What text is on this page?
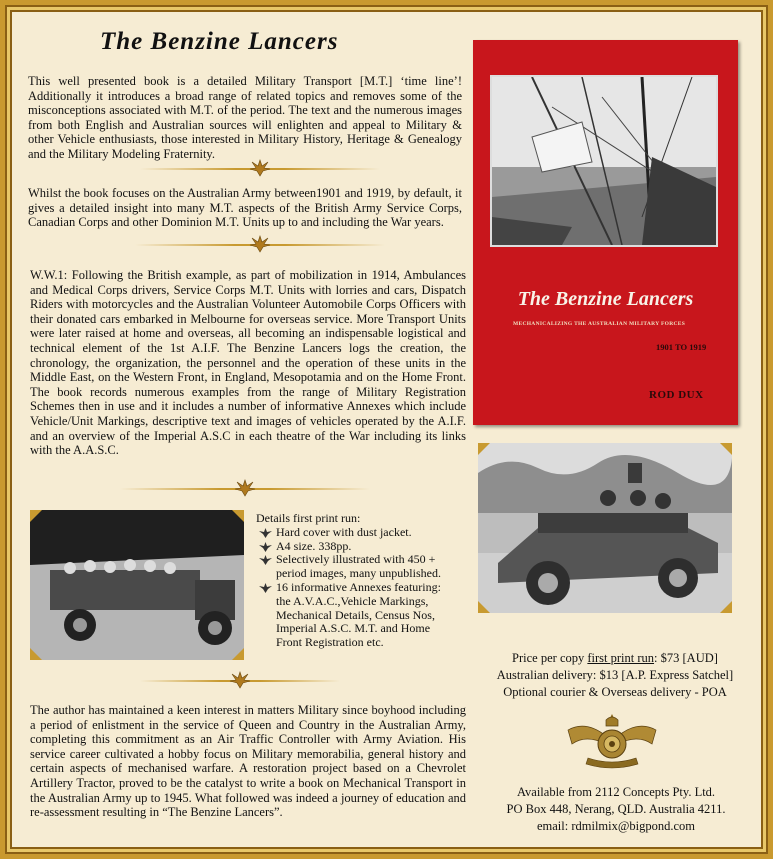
The Benzine Lancers
This well presented book is a detailed Military Transport [M.T.] ‘time line’! Additionally it introduces a broad range of related topics and removes some of the misconceptions associated with M.T. of the period. The text and the numerous images from both English and Australian sources will enlighten and appeal to Military & other Vehicle enthusiasts, those interested in Military History, Heritage & Genealogy and the Military Modeling Fraternity.
Whilst the book focuses on the Australian Army between1901 and 1919, by default, it gives a detailed insight into many M.T. aspects of the British Army Service Corps, Canadian Corps and other Dominion M.T. Units up to and including the War years.
W.W.1: Following the British example, as part of mobilization in 1914, Ambulances and Medical Corps drivers, Service Corps M.T. Units with lorries and cars, Dispatch Riders with motorcycles and the Australian Volunteer Automobile Corps Officers with their donated cars embarked in Melbourne for overseas service. More Transport Units were later raised at home and overseas, all becoming an indispensable logistical and technical element of the 1st A.I.F. The Benzine Lancers logs the creation, the chronology, the organization, the personnel and the operation of these units in the Middle East, on the Western Front, in England, Mesopotamia and on the Home Front. The book records numerous examples from the range of Military Registration Schemes then in use and it includes a number of informative Annexes which include Vehicle/Unit Markings, descriptive text and images of vehicles operated by the A.I.F. and an overview of the Imperial A.S.C in each theatre of the War including its links with the A.A.S.C.
The Benzine Lancers
MECHANICALIZING THE AUSTRALIAN MILITARY FORCES
1901 TO 1919
ROD DUX
Details first print run:
Hard cover with dust jacket.
A4 size. 338pp.
Selectively illustrated with 450 +
period images, many unpublished.
16 informative Annexes featuring:
the A.V.A.C.,Vehicle Markings,
Mechanical Details, Census Nos,
Imperial A.S.C. M.T. and Home
Front Registration etc.
The author has maintained a keen interest in matters Military since boyhood including a period of enlistment in the service of Queen and Country in the Australian Army, completing this commitment as an Air Traffic Controller with Army Aviation. His service career cultivated a hobby focus on Military memorabilia, general history and certain aspects of mechanised warfare. A restoration project based on a Chevrolet Artillery Tractor, proved to be the catalyst to write a book on Mechanical Transport in the Australian Army up to 1945. What followed was indeed a journey of education and re-assessment resulting in “The Benzine Lancers”.
Price per copy first print run: $73 [AUD]
Australian delivery: $13 [A.P. Express Satchel]
Optional courier & Overseas delivery - POA
Available from 2112 Concepts Pty. Ltd.
PO Box 448, Nerang, QLD. Australia 4211.
email: rdmilmix@bigpond.com
